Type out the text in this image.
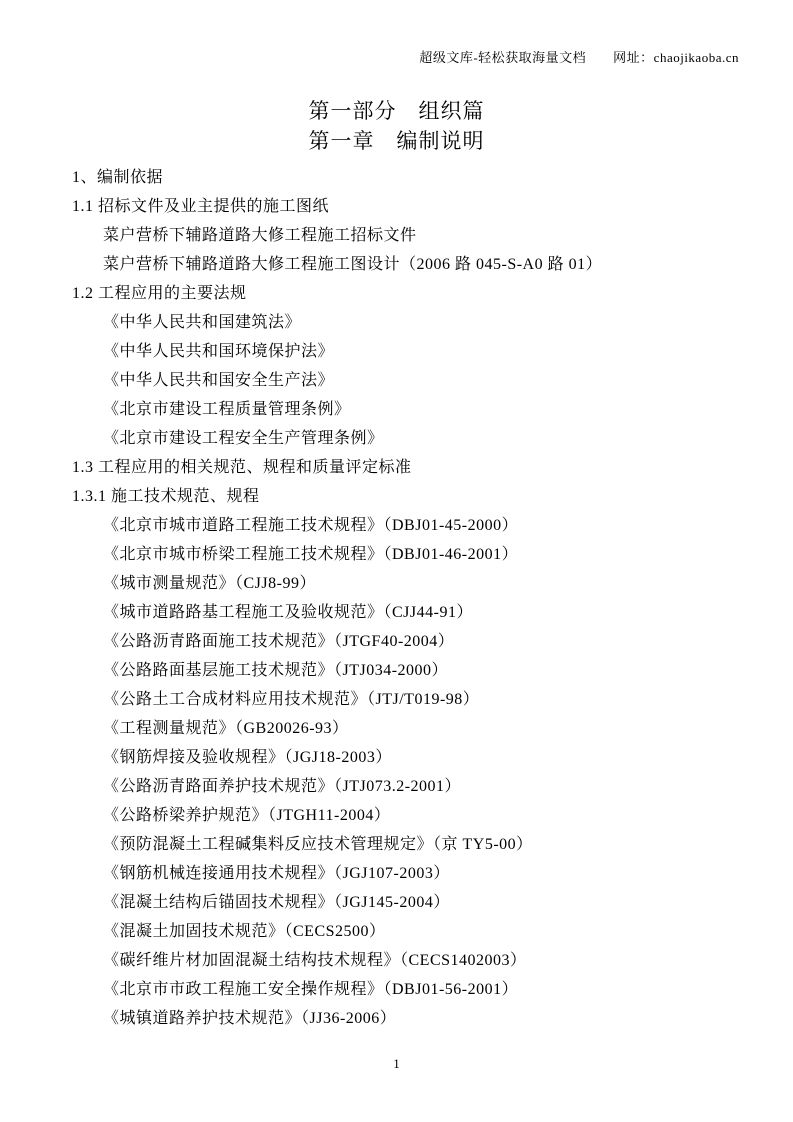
超级文库-轻松获取海量文档 网址：chaojikaoba.cn
第一部分　组织篇
第一章　编制说明
1、编制依据
1.1 招标文件及业主提供的施工图纸
菜户营桥下辅路道路大修工程施工招标文件
菜户营桥下辅路道路大修工程施工图设计（2006 路 045-S-A0 路 01）
1.2 工程应用的主要法规
《中华人民共和国建筑法》
《中华人民共和国环境保护法》
《中华人民共和国安全生产法》
《北京市建设工程质量管理条例》
《北京市建设工程安全生产管理条例》
1.3 工程应用的相关规范、规程和质量评定标准
1.3.1 施工技术规范、规程
《北京市城市道路工程施工技术规程》（DBJ01-45-2000）
《北京市城市桥梁工程施工技术规程》（DBJ01-46-2001）
《城市测量规范》（CJJ8-99）
《城市道路路基工程施工及验收规范》（CJJ44-91）
《公路沥青路面施工技术规范》（JTGF40-2004）
《公路路面基层施工技术规范》（JTJ034-2000）
《公路土工合成材料应用技术规范》（JTJ/T019-98）
《工程测量规范》（GB20026-93）
《钢筋焊接及验收规程》（JGJ18-2003）
《公路沥青路面养护技术规范》（JTJ073.2-2001）
《公路桥梁养护规范》（JTGH11-2004）
《预防混凝土工程碱集料反应技术管理规定》（京 TY5-00）
《钢筋机械连接通用技术规程》（JGJ107-2003）
《混凝土结构后锚固技术规程》（JGJ145-2004）
《混凝土加固技术规范》（CECS2500）
《碳纤维片材加固混凝土结构技术规程》（CECS1402003）
《北京市市政工程施工安全操作规程》（DBJ01-56-2001）
《城镇道路养护技术规范》（JJ36-2006）
1
